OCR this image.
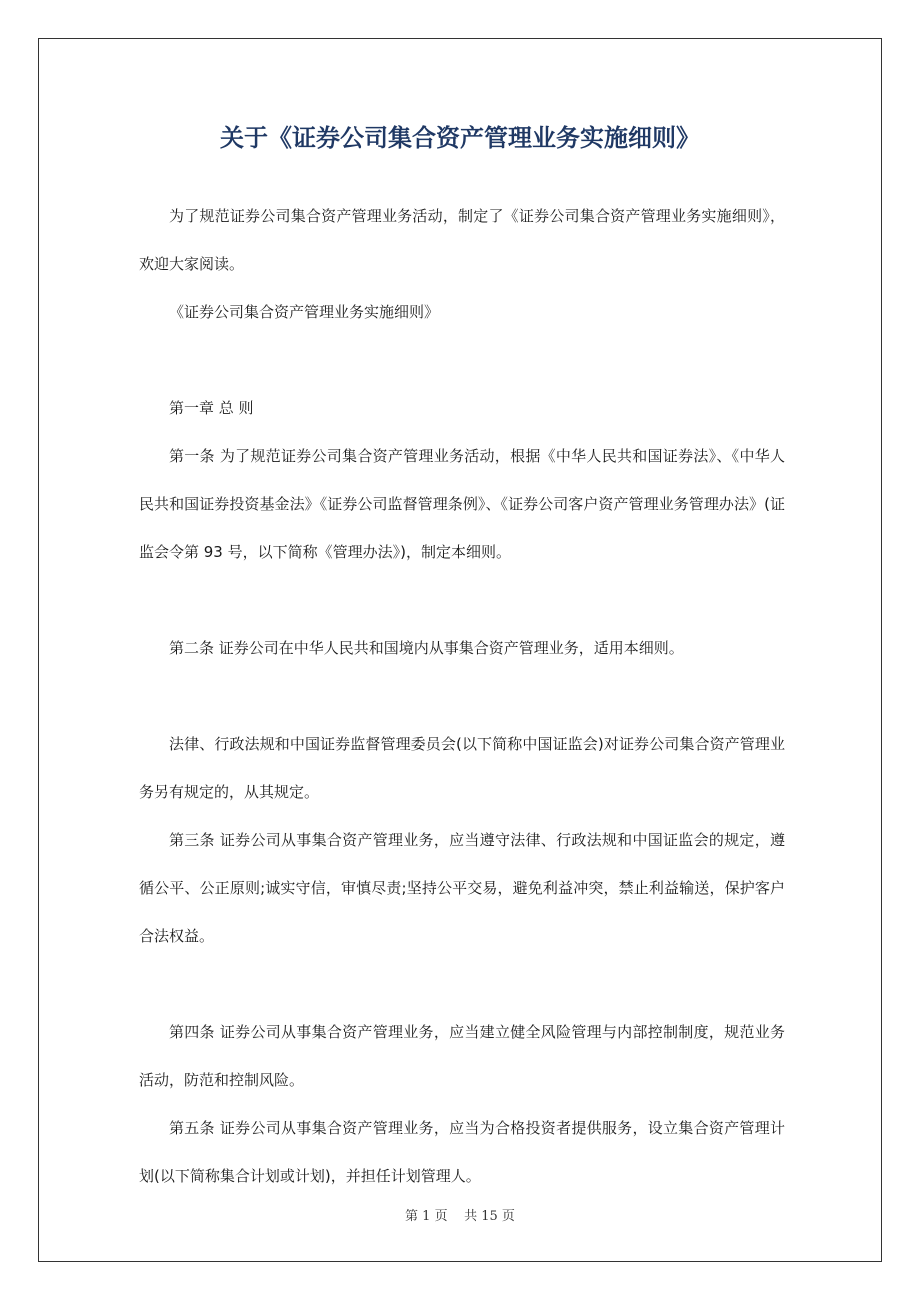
关于《证券公司集合资产管理业务实施细则》

为了规范证券公司集合资产管理业务活动，制定了《证券公司集合资产管理业务实施细则》，欢迎大家阅读。

《证券公司集合资产管理业务实施细则》

第一章 总 则

第一条 为了规范证券公司集合资产管理业务活动，根据《中华人民共和国证券法》、《中华人民共和国证券投资基金法》《证券公司监督管理条例》、《证券公司客户资产管理业务管理办法》(证监会令第 93 号，以下简称《管理办法》)，制定本细则。

第二条 证券公司在中华人民共和国境内从事集合资产管理业务，适用本细则。

法律、行政法规和中国证券监督管理委员会(以下简称中国证监会)对证券公司集合资产管理业务另有规定的，从其规定。

第三条 证券公司从事集合资产管理业务，应当遵守法律、行政法规和中国证监会的规定，遵循公平、公正原则;诚实守信，审慎尽责;坚持公平交易，避免利益冲突，禁止利益输送，保护客户合法权益。

第四条 证券公司从事集合资产管理业务，应当建立健全风险管理与内部控制制度，规范业务活动，防范和控制风险。

第五条 证券公司从事集合资产管理业务，应当为合格投资者提供服务，设立集合资产管理计划(以下简称集合计划或计划)，并担任计划管理人。

第 1 页 共 15 页
